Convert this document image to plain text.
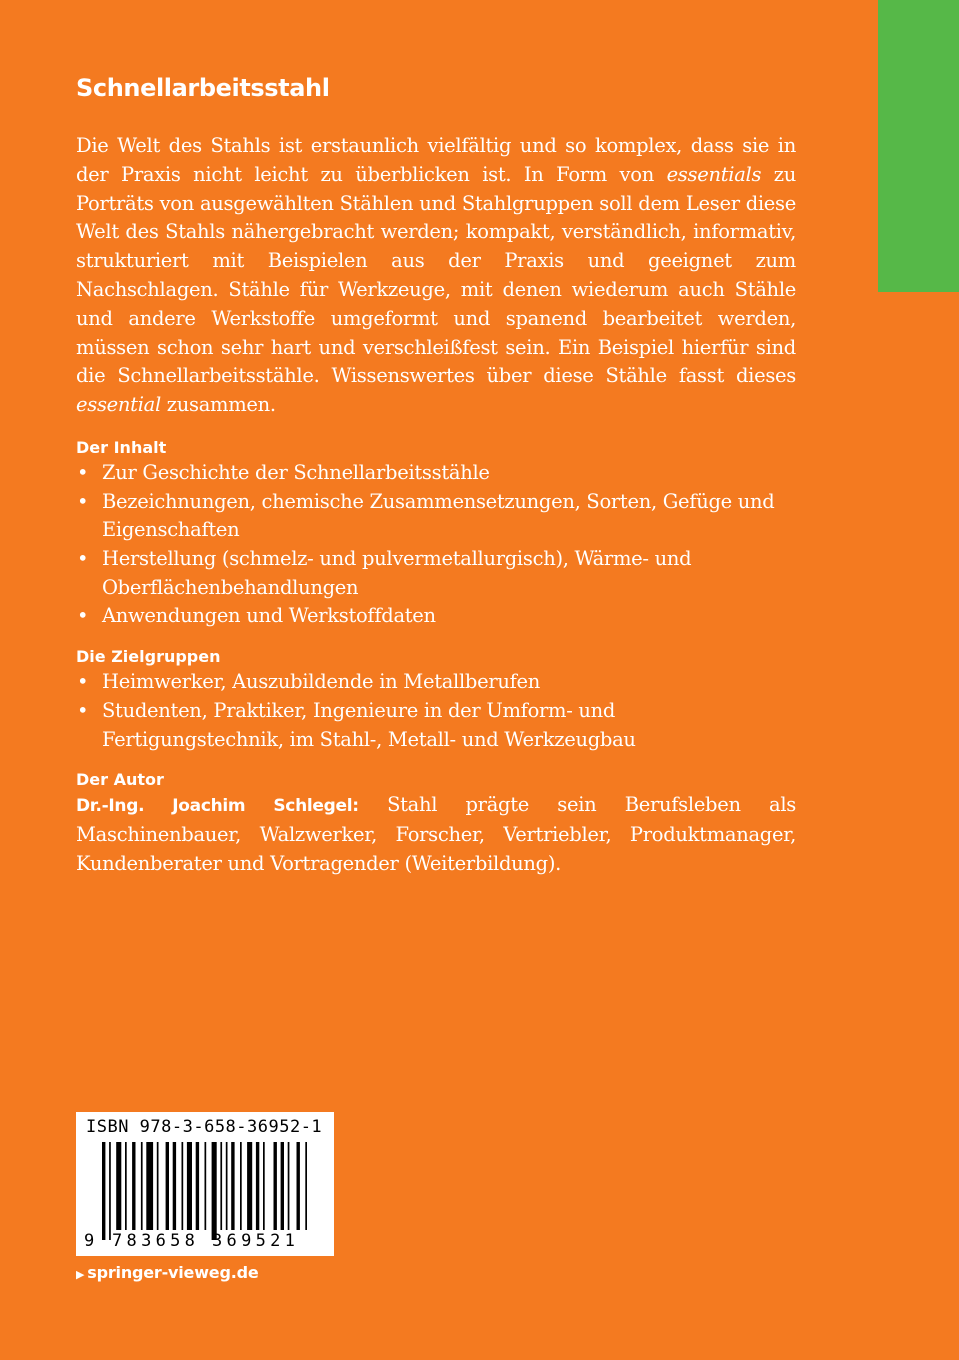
Schnellarbeitsstahl

Die Welt des Stahls ist erstaunlich vielfältig und so komplex, dass sie in der Praxis nicht leicht zu überblicken ist. In Form von essentials zu Porträts von ausgewählten Stählen und Stahlgruppen soll dem Leser diese Welt des Stahls nähergebracht werden; kompakt, verständlich, informativ, strukturiert mit Beispielen aus der Praxis und geeignet zum Nachschlagen. Stähle für Werkzeuge, mit denen wiederum auch Stähle und andere Werkstoffe umgeformt und spanend bearbeitet werden, müssen schon sehr hart und verschleißfest sein. Ein Beispiel hierfür sind die Schnellarbeitsstähle. Wissenswertes über diese Stähle fasst dieses essential zusammen.

Der Inhalt
• Zur Geschichte der Schnellarbeitsstähle
• Bezeichnungen, chemische Zusammensetzungen, Sorten, Gefüge und Eigenschaften
• Herstellung (schmelz- und pulvermetallurgisch), Wärme- und Oberflächenbehandlungen
• Anwendungen und Werkstoffdaten
Die Zielgruppen
• Heimwerker, Auszubildende in Metallberufen
• Studenten, Praktiker, Ingenieure in der Umform- und Fertigungstechnik, im Stahl-, Metall- und Werkzeugbau
Der Autor

Dr.-Ing. Joachim Schlegel: Stahl prägte sein Berufsleben als Maschinenbauer, Walzwerker, Forscher, Vertriebler, Produktmanager, Kundenberater und Vortragender (Weiterbildung).

ISBN 978-3-658-36952-1
9 783658 369521
▶ springer-vieweg.de
